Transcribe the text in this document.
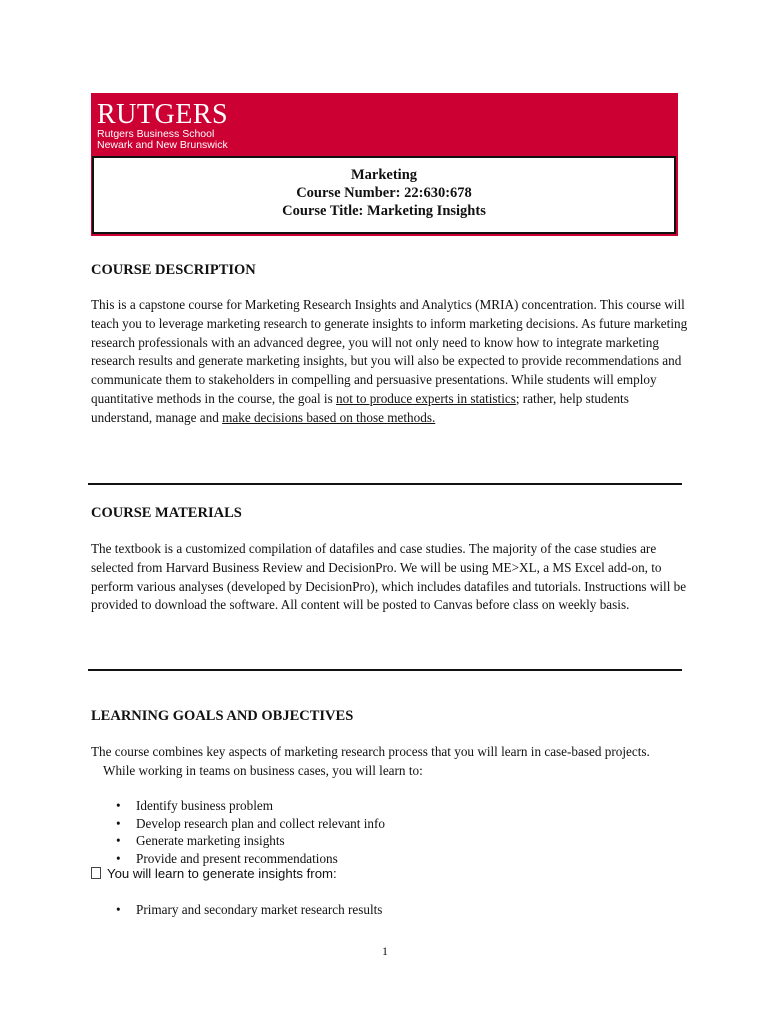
RUTGERS
Rutgers Business School
Newark and New Brunswick
Marketing
Course Number: 22:630:678
Course Title: Marketing Insights
COURSE DESCRIPTION

This is a capstone course for Marketing Research Insights and Analytics (MRIA) concentration. This course will teach you to leverage marketing research to generate insights to inform marketing decisions. As future marketing research professionals with an advanced degree, you will not only need to know how to integrate marketing research results and generate marketing insights, but you will also be expected to provide recommendations and communicate them to stakeholders in compelling and persuasive presentations. While students will employ quantitative methods in the course, the goal is not to produce experts in statistics; rather, help students understand, manage and make decisions based on those methods.

COURSE MATERIALS

The textbook is a customized compilation of datafiles and case studies. The majority of the case studies are selected from Harvard Business Review and DecisionPro. We will be using ME>XL, a MS Excel add-on, to perform various analyses (developed by DecisionPro), which includes datafiles and tutorials. Instructions will be provided to download the software. All content will be posted to Canvas before class on weekly basis.

LEARNING GOALS AND OBJECTIVES

The course combines key aspects of marketing research process that you will learn in case-based projects.
While working in teams on business cases, you will learn to:

• Identify business problem
• Develop research plan and collect relevant info
• Generate marketing insights
• Provide and present recommendations
You will learn to generate insights from:
• Primary and secondary market research results
1
